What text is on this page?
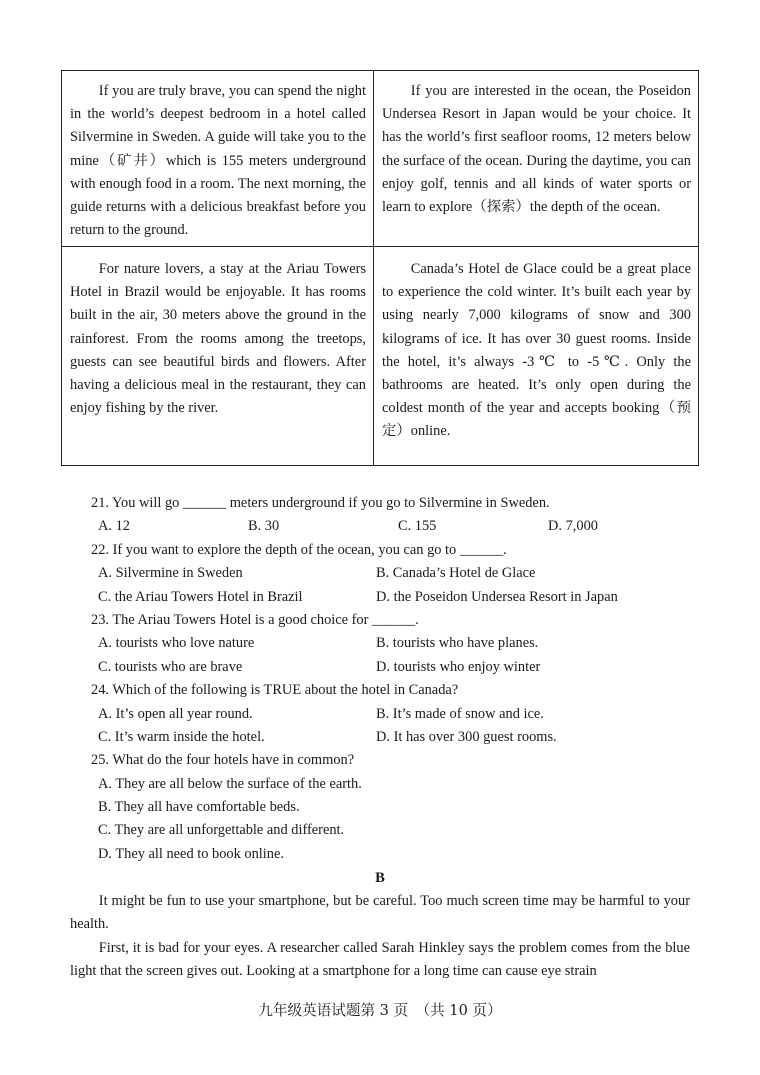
If you are truly brave, you can spend the night in the world’s deepest bedroom in a hotel called Silvermine in Sweden. A guide will take you to the mine（矿井）which is 155 meters underground with enough food in a room. The next morning, the guide returns with a delicious breakfast before you return to the ground.
If you are interested in the ocean, the Poseidon Undersea Resort in Japan would be your choice. It has the world’s first seafloor rooms, 12 meters below the surface of the ocean. During the daytime, you can enjoy golf, tennis and all kinds of water sports or learn to explore（探索）the depth of the ocean.
For nature lovers, a stay at the Ariau Towers Hotel in Brazil would be enjoyable. It has rooms built in the air, 30 meters above the ground in the rainforest. From the rooms among the treetops, guests can see beautiful birds and flowers. After having a delicious meal in the restaurant, they can enjoy fishing by the river.
Canada’s Hotel de Glace could be a great place to experience the cold winter. It’s built each year by using nearly 7,000 kilograms of snow and 300 kilograms of ice. It has over 30 guest rooms. Inside the hotel, it’s always -3℃ to -5℃. Only the bathrooms are heated. It’s only open during the coldest month of the year and accepts booking（预定）online.
21. You will go ______ meters underground if you go to Silvermine in Sweden.
A. 12	B. 30	C. 155	D. 7,000
22. If you want to explore the depth of the ocean, you can go to ______.
A. Silvermine in Sweden	B. Canada’s Hotel de Glace
C. the Ariau Towers Hotel in Brazil	D. the Poseidon Undersea Resort in Japan
23. The Ariau Towers Hotel is a good choice for ______.
A. tourists who love nature	B. tourists who have planes.
C. tourists who are brave	D. tourists who enjoy winter
24. Which of the following is TRUE about the hotel in Canada?
A. It’s open all year round.	B. It’s made of snow and ice.
C. It’s warm inside the hotel.	D. It has over 300 guest rooms.
25. What do the four hotels have in common?
A. They are all below the surface of the earth.
B. They all have comfortable beds.
C. They are all unforgettable and different.
D. They all need to book online.
B

It might be fun to use your smartphone, but be careful. Too much screen time may be harmful to your health.

First, it is bad for your eyes. A researcher called Sarah Hinkley says the problem comes from the blue light that the screen gives out. Looking at a smartphone for a long time can cause eye strain

九年级英语试题第 3 页　（共 10 页）
